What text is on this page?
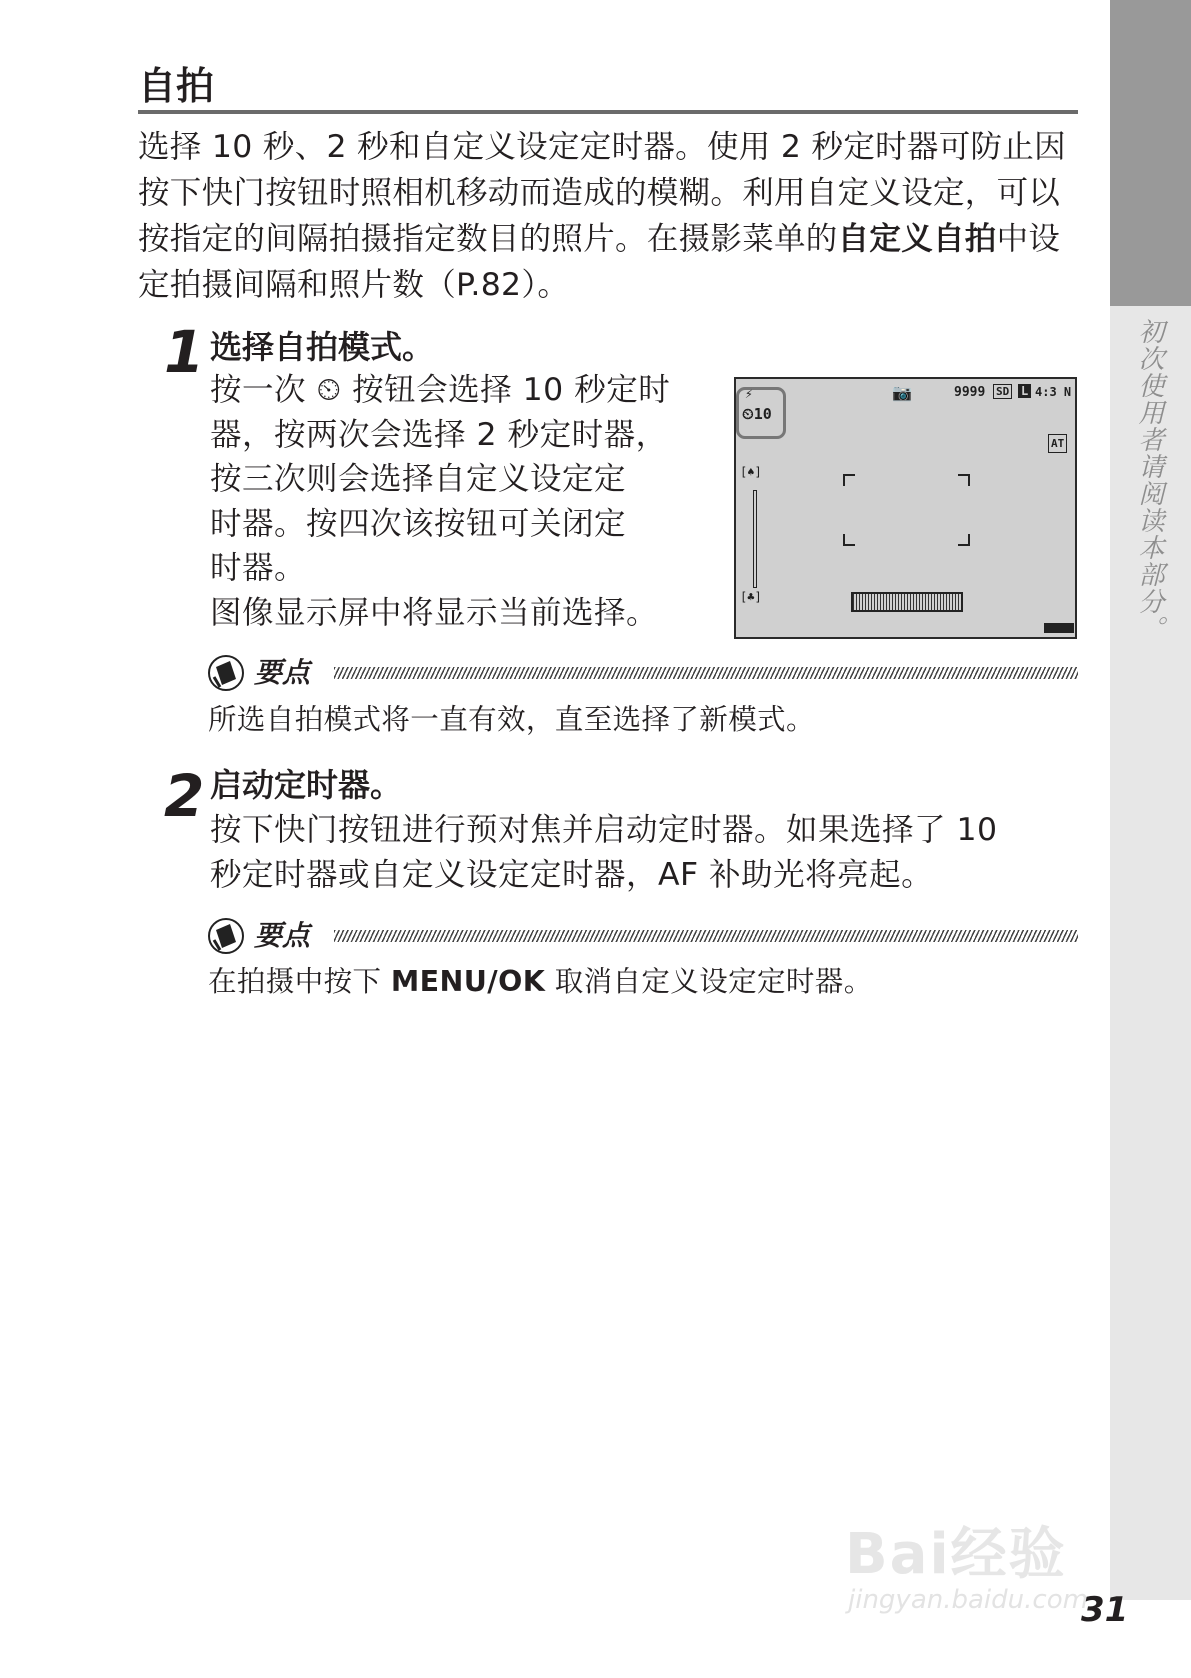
初次使用者请阅读本部分。
自拍
选择 10 秒、2 秒和自定义设定定时器。使用 2 秒定时器可防止因按下快门按钮时照相机移动而造成的模糊。利用自定义设定，可以按指定的间隔拍摄指定数目的照片。在摄影菜单的自定义自拍中设定拍摄间隔和照片数（P.82）。
1 选择自拍模式。
按一次 ⏲ 按钮会选择 10 秒定时
器，按两次会选择 2 秒定时器，
按三次则会选择自定义设定定
时器。按四次该按钮可关闭定
时器。
图像显示屏中将显示当前选择。
⚡
⏲10
📷	9999 SD L 4:3 N
AT
[♠]
[♣]
要点
所选自拍模式将一直有效，直至选择了新模式。
2 启动定时器。
按下快门按钮进行预对焦并启动定时器。如果选择了 10
秒定时器或自定义设定定时器，AF 补助光将亮起。
要点
在拍摄中按下 MENU/OK 取消自定义设定定时器。
Bai经验
jingyan.baidu.com
31
